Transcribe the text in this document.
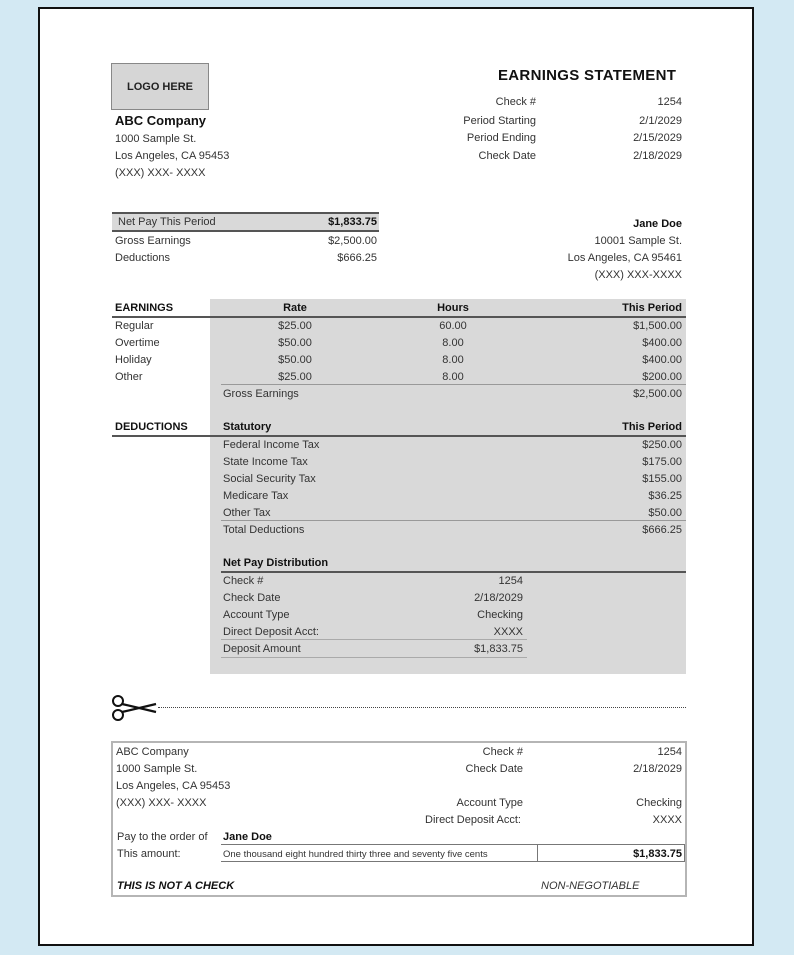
LOGO HERE
EARNINGS STATEMENT
ABC Company
1000 Sample St.
Los Angeles, CA 95453
(XXX) XXX- XXXX
Check #	1254
Period Starting	2/1/2029
Period Ending	2/15/2029
Check Date	2/18/2029
Net Pay This Period	$1,833.75
Gross Earnings	$2,500.00
Deductions	$666.25
Jane Doe
10001 Sample St.
Los Angeles, CA 95461
(XXX) XXX-XXXX
EARNINGS	Rate	Hours	This Period
Regular	$25.00	60.00	$1,500.00
Overtime	$50.00	8.00	$400.00
Holiday	$50.00	8.00	$400.00
Other	$25.00	8.00	$200.00
Gross Earnings	$2,500.00
DEDUCTIONS	Statutory	This Period
Federal Income Tax	$250.00
State Income Tax	$175.00
Social Security Tax	$155.00
Medicare Tax	$36.25
Other Tax	$50.00
Total Deductions	$666.25
Net Pay Distribution
Check #	1254
Check Date	2/18/2029
Account Type	Checking
Direct Deposit Acct:	XXXX
Deposit Amount	$1,833.75
ABC Company
1000 Sample St.
Los Angeles, CA 95453
(XXX) XXX- XXXX
Check #	1254
Check Date	2/18/2029
Account Type	Checking
Direct Deposit Acct:	XXXX
Pay to the order of Jane Doe
This amount:	One thousand eight hundred thirty three and seventy five cents	$1,833.75
THIS IS NOT A CHECK	NON-NEGOTIABLE
